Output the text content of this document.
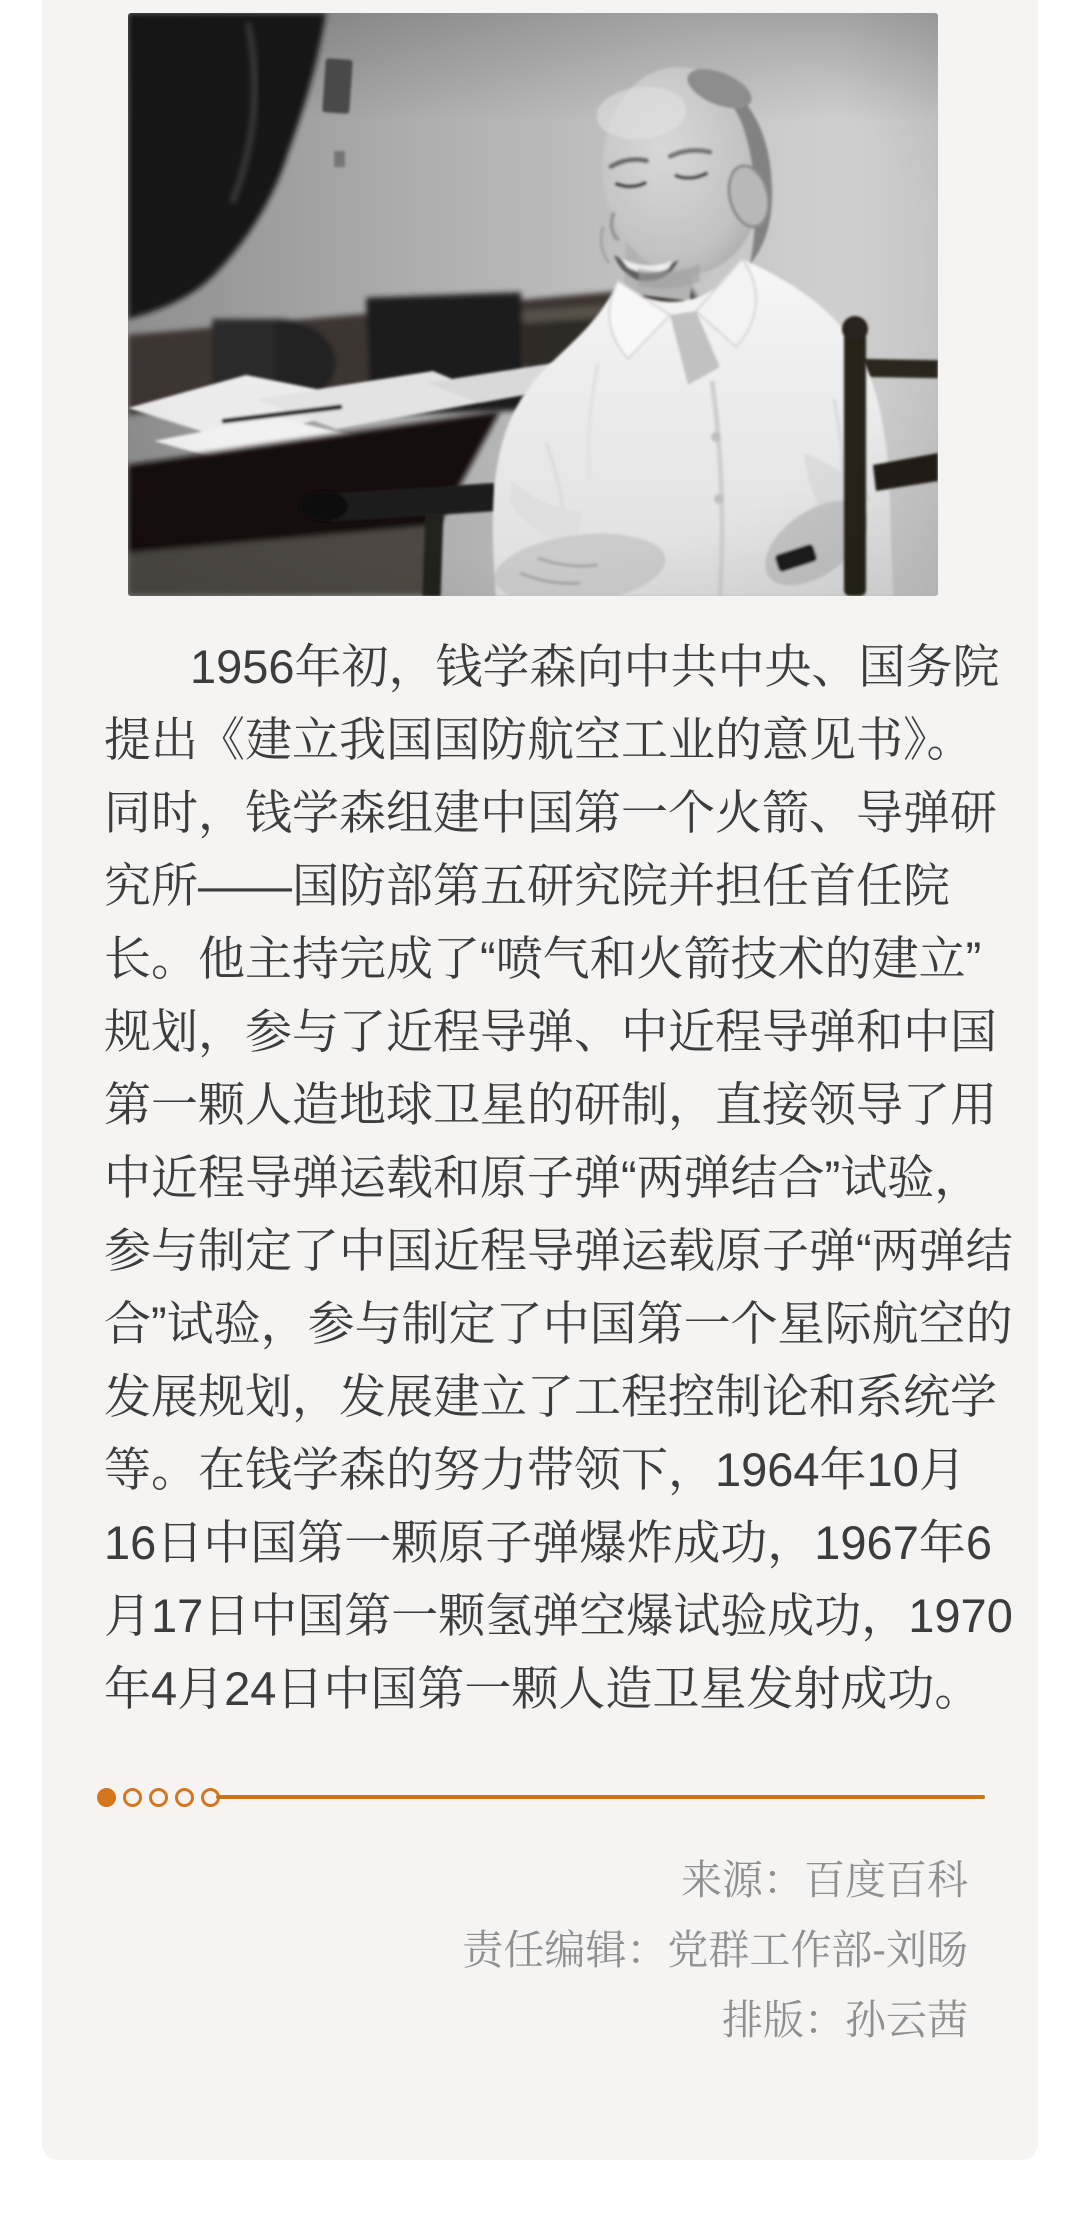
1956年初，钱学森向中共中央、国务院
提出《建立我国国防航空工业的意见书》。
同时，钱学森组建中国第一个火箭、导弹研
究所——国防部第五研究院并担任首任院
长。他主持完成了“喷气和火箭技术的建立”
规划，参与了近程导弹、中近程导弹和中国
第一颗人造地球卫星的研制，直接领导了用
中近程导弹运载和原子弹“两弹结合”试验，
参与制定了中国近程导弹运载原子弹“两弹结
合”试验，参与制定了中国第一个星际航空的
发展规划，发展建立了工程控制论和系统学
等。在钱学森的努力带领下，1964年10月
16日中国第一颗原子弹爆炸成功，1967年6
月17日中国第一颗氢弹空爆试验成功，1970
年4月24日中国第一颗人造卫星发射成功。
来源：百度百科
责任编辑：党群工作部-刘旸
排版：孙云茜
